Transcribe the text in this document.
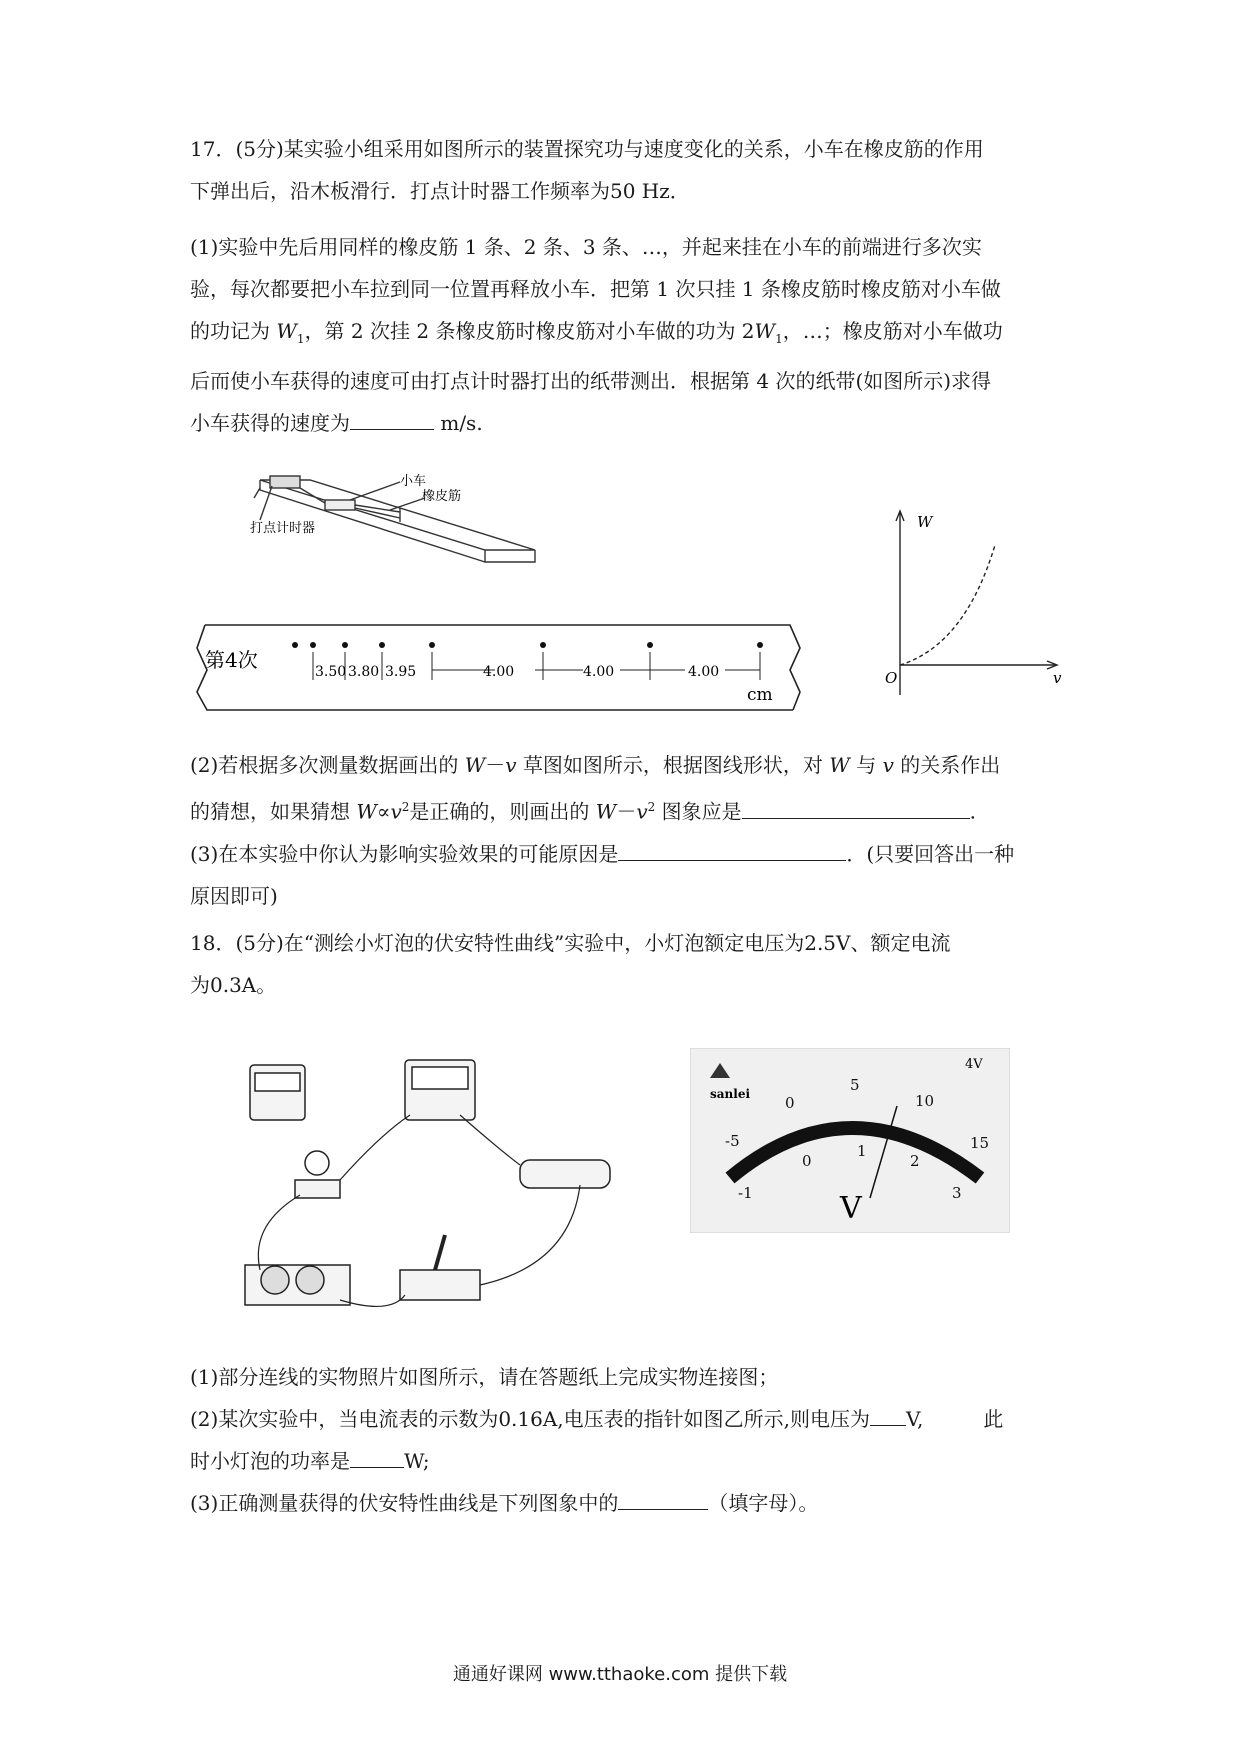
17．(5分)某实验小组采用如图所示的装置探究功与速度变化的关系，小车在橡皮筋的作用
下弹出后，沿木板滑行．打点计时器工作频率为50 Hz．
(1)实验中先后用同样的橡皮筋 1 条、2 条、3 条、…，并起来挂在小车的前端进行多次实
验，每次都要把小车拉到同一位置再释放小车．把第 1 次只挂 1 条橡皮筋时橡皮筋对小车做
的功记为 $W_1$，第 2 次挂 2 条橡皮筋时橡皮筋对小车做的功为 $2W_1$，…；橡皮筋对小车做功
后而使小车获得的速度可由打点计时器打出的纸带测出．根据第 4 次的纸带(如图所示)求得
小车获得的速度为	m/s.
小车
橡皮筋
打点计时器
第4次	3.50 3.80 3.95	4.00	4.00	4.00
cm
W
v
O
(2)若根据多次测量数据画出的 W－v 草图如图所示，根据图线形状，对 W 与 v 的关系作出
的猜想，如果猜想 $W\propto v^2$是正确的，则画出的 $W-v^2$ 图象应是	.
(3)在本实验中你认为影响实验效果的可能原因是	．(只要回答出一种
原因即可)
18．(5分)在“测绘小灯泡的伏安特性曲线”实验中，小灯泡额定电压为2.5V、额定电流
为0.3A。
sanlei
4V
-5
0
5
10
15
-1
0
1
2
3
V
(1)部分连线的实物照片如图所示，请在答题纸上完成实物连接图；
(2)某次实验中，当电流表的示数为0.16A,电压表的指针如图乙所示,则电压为 V,	此
时小灯泡的功率是	W;
(3)正确测量获得的伏安特性曲线是下列图象中的	（填字母）。
通通好课网 www.tthaoke.com 提供下载
